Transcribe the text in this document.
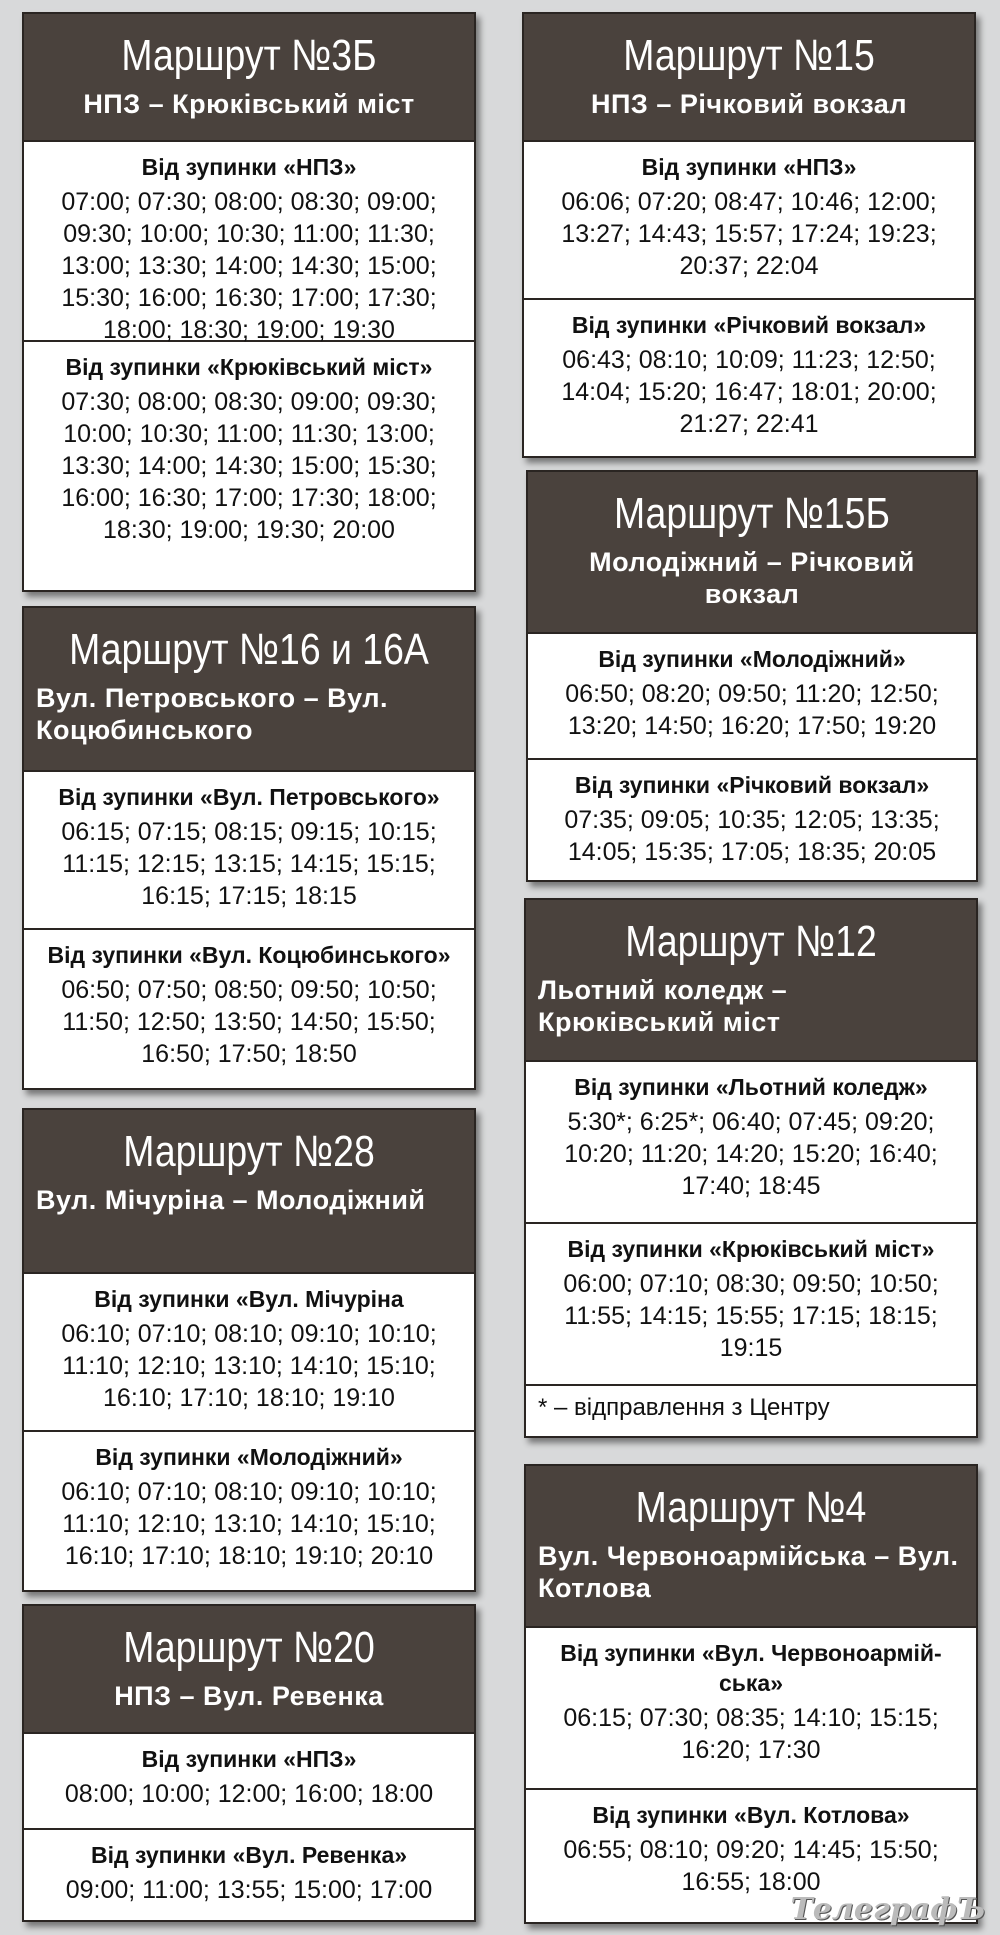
Маршрут №3Б
НПЗ – Крюківський міст
Від зупинки «НПЗ»
07:00; 07:30; 08:00; 08:30; 09:00; 09:30; 10:00; 10:30; 11:00; 11:30; 13:00; 13:30; 14:00; 14:30; 15:00; 15:30; 16:00; 16:30; 17:00; 17:30; 18:00; 18:30; 19:00; 19:30
Від зупинки «Крюківський міст»
07:30; 08:00; 08:30; 09:00; 09:30; 10:00; 10:30; 11:00; 11:30; 13:00; 13:30; 14:00; 14:30; 15:00; 15:30; 16:00; 16:30; 17:00; 17:30; 18:00; 18:30; 19:00; 19:30; 20:00
Маршрут №16 и 16А
Вул. Петровського – Вул. Коцюбинського
Від зупинки «Вул. Петровського»
06:15; 07:15; 08:15; 09:15; 10:15; 11:15; 12:15; 13:15; 14:15; 15:15; 16:15; 17:15; 18:15
Від зупинки «Вул. Коцюбинського»
06:50; 07:50; 08:50; 09:50; 10:50; 11:50; 12:50; 13:50; 14:50; 15:50; 16:50; 17:50; 18:50
Маршрут №28
Вул. Мічуріна – Молодіжний
Від зупинки «Вул. Мічуріна
06:10; 07:10; 08:10; 09:10; 10:10; 11:10; 12:10; 13:10; 14:10; 15:10; 16:10; 17:10; 18:10; 19:10
Від зупинки «Молодіжний»
06:10; 07:10; 08:10; 09:10; 10:10; 11:10; 12:10; 13:10; 14:10; 15:10; 16:10; 17:10; 18:10; 19:10; 20:10
Маршрут №20
НПЗ – Вул. Ревенка
Від зупинки «НПЗ»
08:00; 10:00; 12:00; 16:00; 18:00
Від зупинки «Вул. Ревенка»
09:00; 11:00; 13:55; 15:00; 17:00
Маршрут №15
НПЗ – Річковий вокзал
Від зупинки «НПЗ»
06:06; 07:20; 08:47; 10:46; 12:00; 13:27; 14:43; 15:57; 17:24; 19:23; 20:37; 22:04
Від зупинки «Річковий вокзал»
06:43; 08:10; 10:09; 11:23; 12:50; 14:04; 15:20; 16:47; 18:01; 20:00; 21:27; 22:41
Маршрут №15Б
Молодіжний – Річковий вокзал
Від зупинки «Молодіжний»
06:50; 08:20; 09:50; 11:20; 12:50; 13:20; 14:50; 16:20; 17:50; 19:20
Від зупинки «Річковий вокзал»
07:35; 09:05; 10:35; 12:05; 13:35; 14:05; 15:35; 17:05; 18:35; 20:05
Маршрут №12
Льотний коледж – Крюківський міст
Від зупинки «Льотний коледж»
5:30*; 6:25*; 06:40; 07:45; 09:20; 10:20; 11:20; 14:20; 15:20; 16:40; 17:40; 18:45
Від зупинки «Крюківський міст»
06:00; 07:10; 08:30; 09:50; 10:50; 11:55; 14:15; 15:55; 17:15; 18:15; 19:15
* – відправлення з Центру
Маршрут №4
Вул. Червоноармійська – Вул. Котлова
Від зупинки «Вул. Червоноармій-ська»
06:15; 07:30; 08:35; 14:10; 15:15; 16:20; 17:30
Від зупинки «Вул. Котлова»
06:55; 08:10; 09:20; 14:45; 15:50; 16:55; 18:00
ТелеграфЪ
